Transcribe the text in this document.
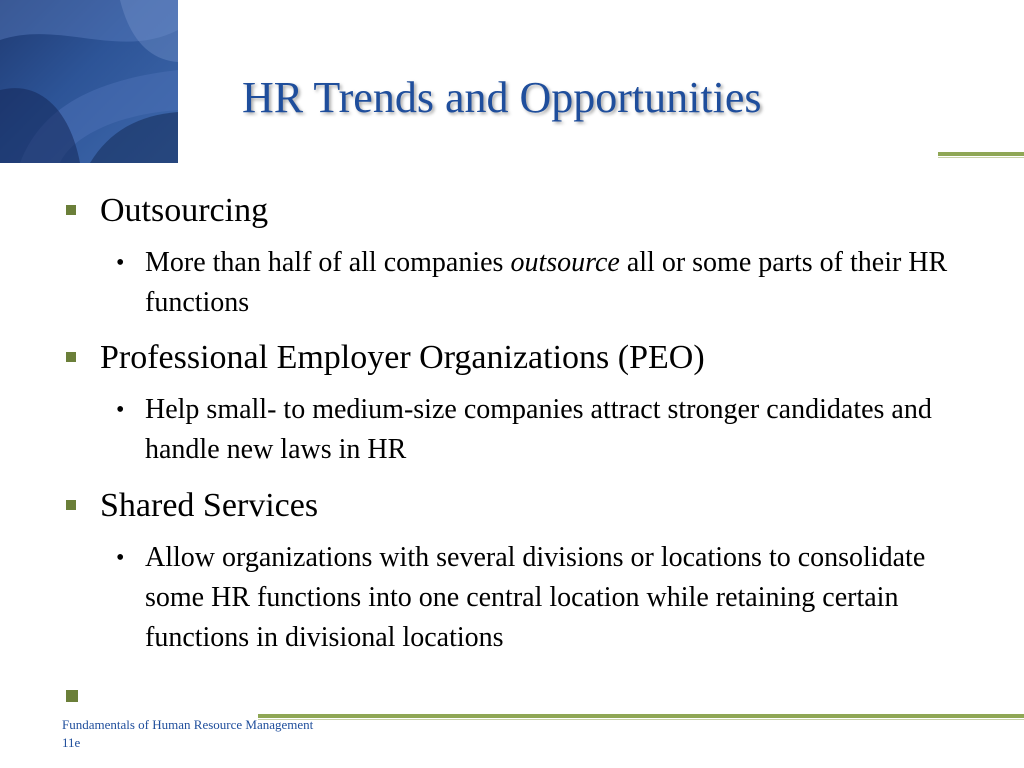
HR Trends and Opportunities
Outsourcing
• More than half of all companies outsource all or some parts of their HR functions
Professional Employer Organizations (PEO)
• Help small- to medium-size companies attract stronger candidates and handle new laws in HR
Shared Services
• Allow organizations with several divisions or locations to consolidate some HR functions into one central location while retaining certain functions in divisional locations
Fundamentals of Human Resource Management
11e
